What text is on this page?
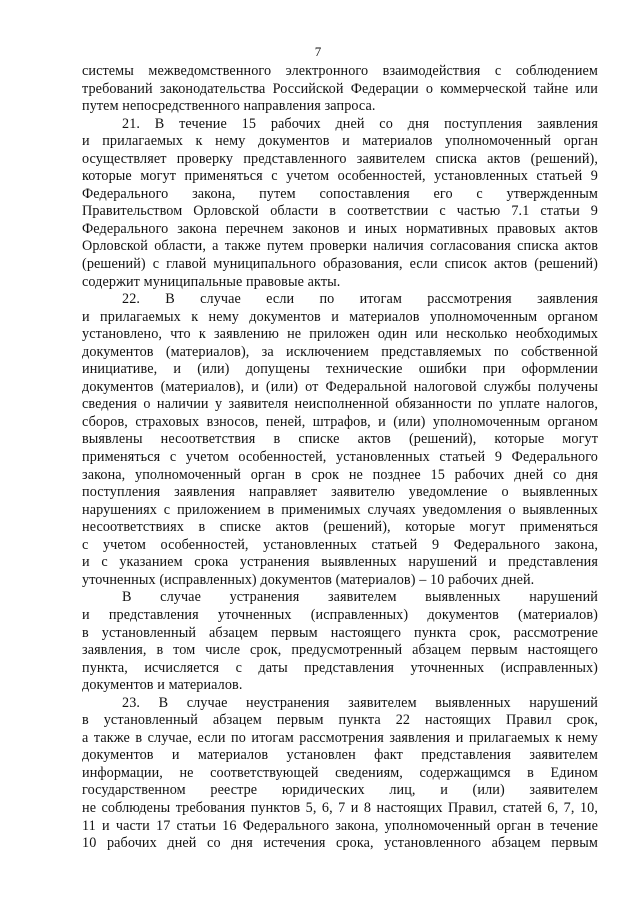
7
системы межведомственного электронного взаимодействия с соблюдением
требований законодательства Российской Федерации о коммерческой тайне или
путем непосредственного направления запроса.
21. В течение 15 рабочих дней со дня поступления заявления
и прилагаемых к нему документов и материалов уполномоченный орган
осуществляет проверку представленного заявителем списка актов (решений),
которые могут применяться с учетом особенностей, установленных статьей 9
Федерального закона, путем сопоставления его с утвержденным
Правительством Орловской области в соответствии с частью 7.1 статьи 9
Федерального закона перечнем законов и иных нормативных правовых актов
Орловской области, а также путем проверки наличия согласования списка актов
(решений) с главой муниципального образования, если список актов (решений)
содержит муниципальные правовые акты.
22. В случае если по итогам рассмотрения заявления
и прилагаемых к нему документов и материалов уполномоченным органом
установлено, что к заявлению не приложен один или несколько необходимых
документов (материалов), за исключением представляемых по собственной
инициативе, и (или) допущены технические ошибки при оформлении
документов (материалов), и (или) от Федеральной налоговой службы получены
сведения о наличии у заявителя неисполненной обязанности по уплате налогов,
сборов, страховых взносов, пеней, штрафов, и (или) уполномоченным органом
выявлены несоответствия в списке актов (решений), которые могут
применяться с учетом особенностей, установленных статьей 9 Федерального
закона, уполномоченный орган в срок не позднее 15 рабочих дней со дня
поступления заявления направляет заявителю уведомление о выявленных
нарушениях с приложением в применимых случаях уведомления о выявленных
несоответствиях в списке актов (решений), которые могут применяться
с учетом особенностей, установленных статьей 9 Федерального закона,
и с указанием срока устранения выявленных нарушений и представления
уточненных (исправленных) документов (материалов) – 10 рабочих дней.
В случае устранения заявителем выявленных нарушений
и представления уточненных (исправленных) документов (материалов)
в установленный абзацем первым настоящего пункта срок, рассмотрение
заявления, в том числе срок, предусмотренный абзацем первым настоящего
пункта, исчисляется с даты представления уточненных (исправленных)
документов и материалов.
23. В случае неустранения заявителем выявленных нарушений
в установленный абзацем первым пункта 22 настоящих Правил срок,
а также в случае, если по итогам рассмотрения заявления и прилагаемых к нему
документов и материалов установлен факт представления заявителем
информации, не соответствующей сведениям, содержащимся в Едином
государственном реестре юридических лиц, и (или) заявителем
не соблюдены требования пунктов 5, 6, 7 и 8 настоящих Правил, статей 6, 7, 10,
11 и части 17 статьи 16 Федерального закона, уполномоченный орган в течение
10 рабочих дней со дня истечения срока, установленного абзацем первым
